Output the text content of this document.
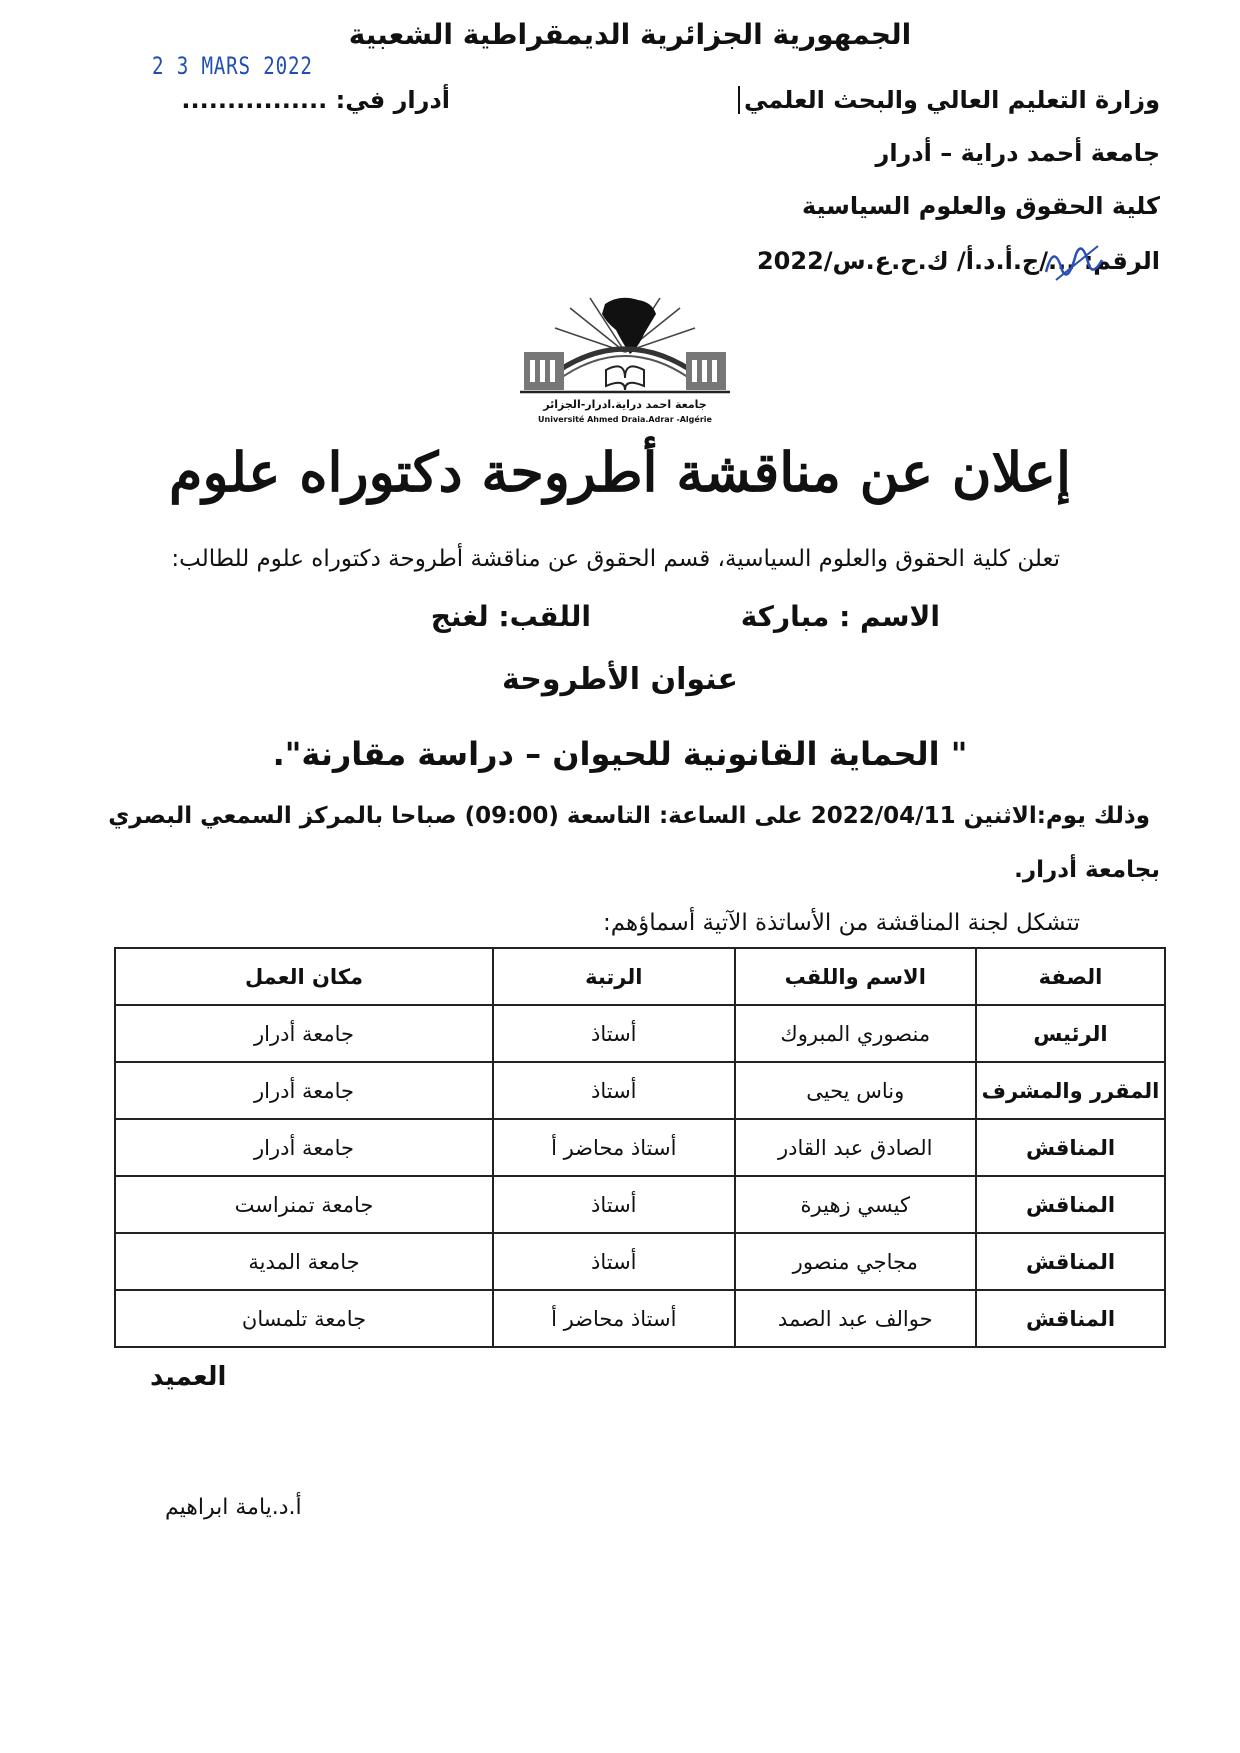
الجمهورية الجزائرية الديمقراطية الشعبية
2 3 MARS 2022
أدرار في: ................	وزارة التعليم العالي والبحث العلمي
جامعة أحمد دراية – أدرار
كلية الحقوق والعلوم السياسية
الرقم: .../ج.أ.د.أ/ ك.ح.ع.س/2022
جامعة احمد دراية.ادرار-الجزائر
Université Ahmed Draia.Adrar -Algérie
إعلان عن مناقشة أطروحة دكتوراه علوم
تعلن كلية الحقوق والعلوم السياسية، قسم الحقوق عن مناقشة أطروحة دكتوراه علوم للطالب:
الاسم : مباركة اللقب: لغنج
عنوان الأطروحة
" الحماية القانونية للحيوان – دراسة مقارنة".
وذلك يوم:الاثنين 2022/04/11 على الساعة: التاسعة (09:00) صباحا بالمركز السمعي البصري
بجامعة أدرار.
تتشكل لجنة المناقشة من الأساتذة الآتية أسماؤهم:
الصفة	الاسم واللقب	الرتبة	مكان العمل
الرئيس	منصوري المبروك	أستاذ	جامعة أدرار
المقرر والمشرف	وناس يحيى	أستاذ	جامعة أدرار
المناقش	الصادق عبد القادر	أستاذ محاضر أ	جامعة أدرار
المناقش	كيسي زهيرة	أستاذ	جامعة تمنراست
المناقش	مجاجي منصور	أستاذ	جامعة المدية
المناقش	حوالف عبد الصمد	أستاذ محاضر أ	جامعة تلمسان
العميد
أ.د.يامة ابراهيم
